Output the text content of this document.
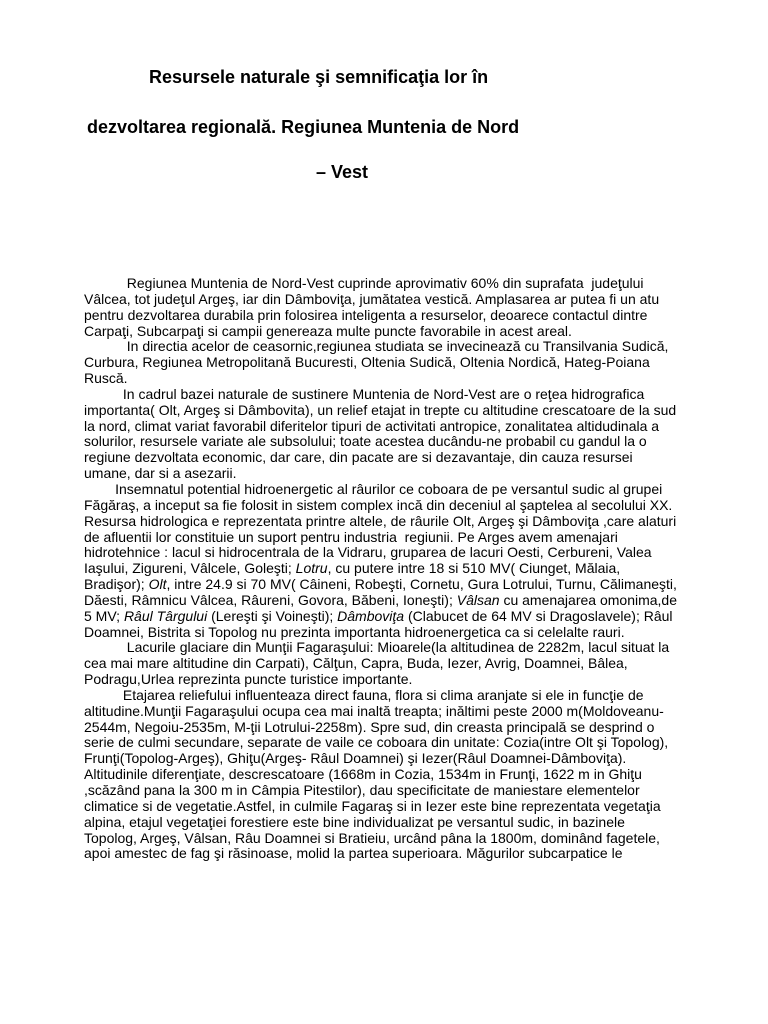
Resursele naturale şi semnificaţia lor în
dezvoltarea regională. Regiunea Muntenia de Nord
– Vest
Regiunea Muntenia de Nord-Vest cuprinde aprovimativ 60% din suprafata  judeţului
Vâlcea, tot judeţul Argeş, iar din Dâmboviţa, jumătatea vestică. Amplasarea ar putea fi un atu
pentru dezvoltarea durabila prin folosirea inteligenta a resurselor, deoarece contactul dintre
Carpaţi, Subcarpaţi si campii genereaza multe puncte favorabile in acest areal.
In directia acelor de ceasornic,regiunea studiata se invecinează cu Transilvania Sudică,
Curbura, Regiunea Metropolitană Bucuresti, Oltenia Sudică, Oltenia Nordică, Hateg-Poiana
Ruscă.
In cadrul bazei naturale de sustinere Muntenia de Nord-Vest are o reţea hidrografica
importanta( Olt, Argeş si Dâmbovita), un relief etajat in trepte cu altitudine crescatoare de la sud
la nord, climat variat favorabil diferitelor tipuri de activitati antropice, zonalitatea altidudinala a
solurilor, resursele variate ale subsolului; toate acestea ducându-ne probabil cu gandul la o
regiune dezvoltata economic, dar care, din pacate are si dezavantaje, din cauza resursei
umane, dar si a asezarii.
Insemnatul potential hidroenergetic al râurilor ce coboara de pe versantul sudic al grupei
Făgăraş, a inceput sa fie folosit in sistem complex incă din deceniul al şaptelea al secolului XX.
Resursa hidrologica e reprezentata printre altele, de râurile Olt, Argeş şi Dâmboviţa ,care alaturi
de afluentii lor constituie un suport pentru industria  regiunii. Pe Arges avem amenajari
hidrotehnice : lacul si hidrocentrala de la Vidraru, gruparea de lacuri Oesti, Cerbureni, Valea
Iaşului, Zigureni, Vâlcele, Goleşti; Lotru, cu putere intre 18 si 510 MV( Ciunget, Mălaia,
Bradişor); Olt, intre 24.9 si 70 MV( Câineni, Robeşti, Cornetu, Gura Lotrului, Turnu, Călimaneşti,
Dăesti, Râmnicu Vâlcea, Râureni, Govora, Băbeni, Ioneşti); Vâlsan cu amenajarea omonima,de
5 MV; Râul Târgului (Lereşti şi Voineşti); Dâmboviţa (Clabucet de 64 MV si Dragoslavele); Râul
Doamnei, Bistrita si Topolog nu prezinta importanta hidroenergetica ca si celelalte rauri.
Lacurile glaciare din Munţii Fagaraşului: Mioarele(la altitudinea de 2282m, lacul situat la
cea mai mare altitudine din Carpati), Călţun, Capra, Buda, Iezer, Avrig, Doamnei, Bâlea,
Podragu,Urlea reprezinta puncte turistice importante.
Etajarea reliefului influenteaza direct fauna, flora si clima aranjate si ele in funcţie de
altitudine.Munţii Fagaraşului ocupa cea mai inaltă treapta; inăltimi peste 2000 m(Moldoveanu-
2544m, Negoiu-2535m, M-ţii Lotrului-2258m). Spre sud, din creasta principală se desprind o
serie de culmi secundare, separate de vaile ce coboara din unitate: Cozia(intre Olt şi Topolog),
Frunţi(Topolog-Argeş), Ghiţu(Argeş- Râul Doamnei) şi Iezer(Râul Doamnei-Dâmboviţa).
Altitudinile diferenţiate, descrescatoare (1668m in Cozia, 1534m in Frunţi, 1622 m in Ghiţu
,scăzând pana la 300 m in Câmpia Pitestilor), dau specificitate de maniestare elementelor
climatice si de vegetatie.Astfel, in culmile Fagaraş si in Iezer este bine reprezentata vegetaţia
alpina, etajul vegetaţiei forestiere este bine individualizat pe versantul sudic, in bazinele
Topolog, Argeş, Vâlsan, Râu Doamnei si Bratieiu, urcând pâna la 1800m, dominând fagetele,
apoi amestec de fag şi răsinoase, molid la partea superioara. Măgurilor subcarpatice le
